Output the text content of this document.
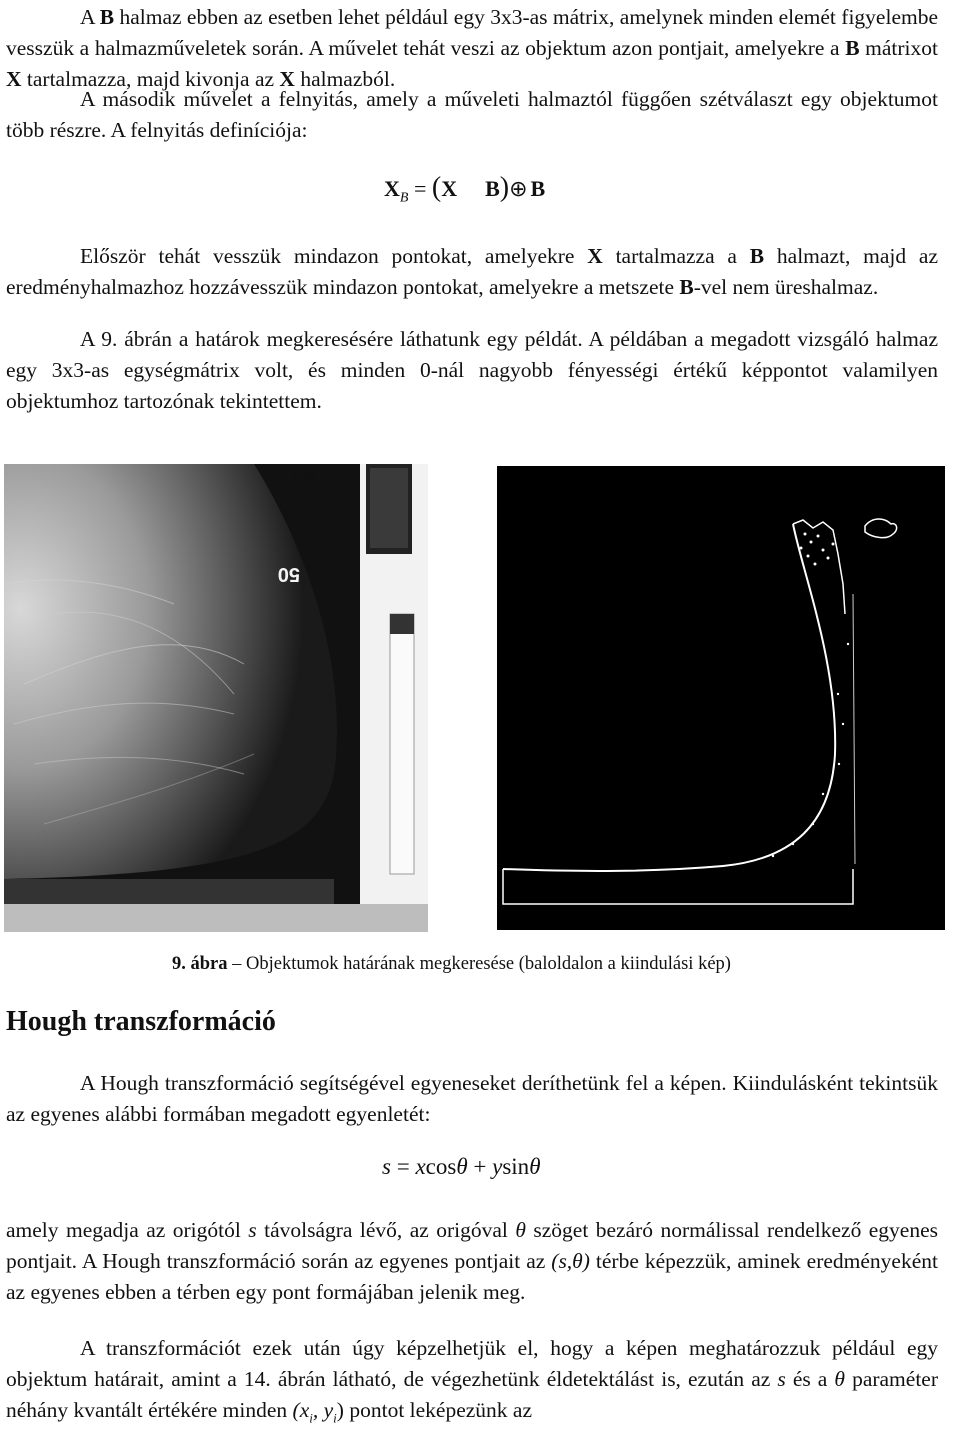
A B halmaz ebben az esetben lehet például egy 3x3-as mátrix, amelynek minden elemét figyelembe vesszük a halmazműveletek során. A művelet tehát veszi az objektum azon pontjait, amelyekre a B mátrixot X tartalmazza, majd kivonja az X halmazból.

A második művelet a felnyitás, amely a műveleti halmaztól függően szétválaszt egy objektumot több részre. A felnyitás definíciója:

$X_B = (X$ B)⊕ B

Először tehát vesszük mindazon pontokat, amelyekre X tartalmazza a B halmazt, majd az eredményhalmazhoz hozzávesszük mindazon pontokat, amelyekre a metszete B-vel nem üreshalmaz.

A 9. ábrán a határok megkeresésére láthatunk egy példát. A példában a megadott vizsgáló halmaz egy 3x3-as egységmátrix volt, és minden 0-nál nagyobb fényességi értékű képpontot valamilyen objektumhoz tartozónak tekintettem.

ML
50
9. ábra – Objektumok határának megkeresése (baloldalon a kiindulási kép)
Hough transzformáció

A Hough transzformáció segítségével egyeneseket deríthetünk fel a képen. Kiindulásként tekintsük az egyenes alábbi formában megadott egyenletét:

s = xcosθ + ysinθ

amely megadja az origótól s távolságra lévő, az origóval θ szöget bezáró normálissal rendelkező egyenes pontjait. A Hough transzformáció során az egyenes pontjait az (s,θ) térbe képezzük, aminek eredményeként az egyenes ebben a térben egy pont formájában jelenik meg.

A transzformációt ezek után úgy képzelhetjük el, hogy a képen meghatározzuk például egy objektum határait, amint a 14. ábrán látható, de végezhetünk éldetektálást is, ezután az s és a θ paraméter néhány kvantált értékére minden ($x_i$, $y_i$) pontot leképezünk az
